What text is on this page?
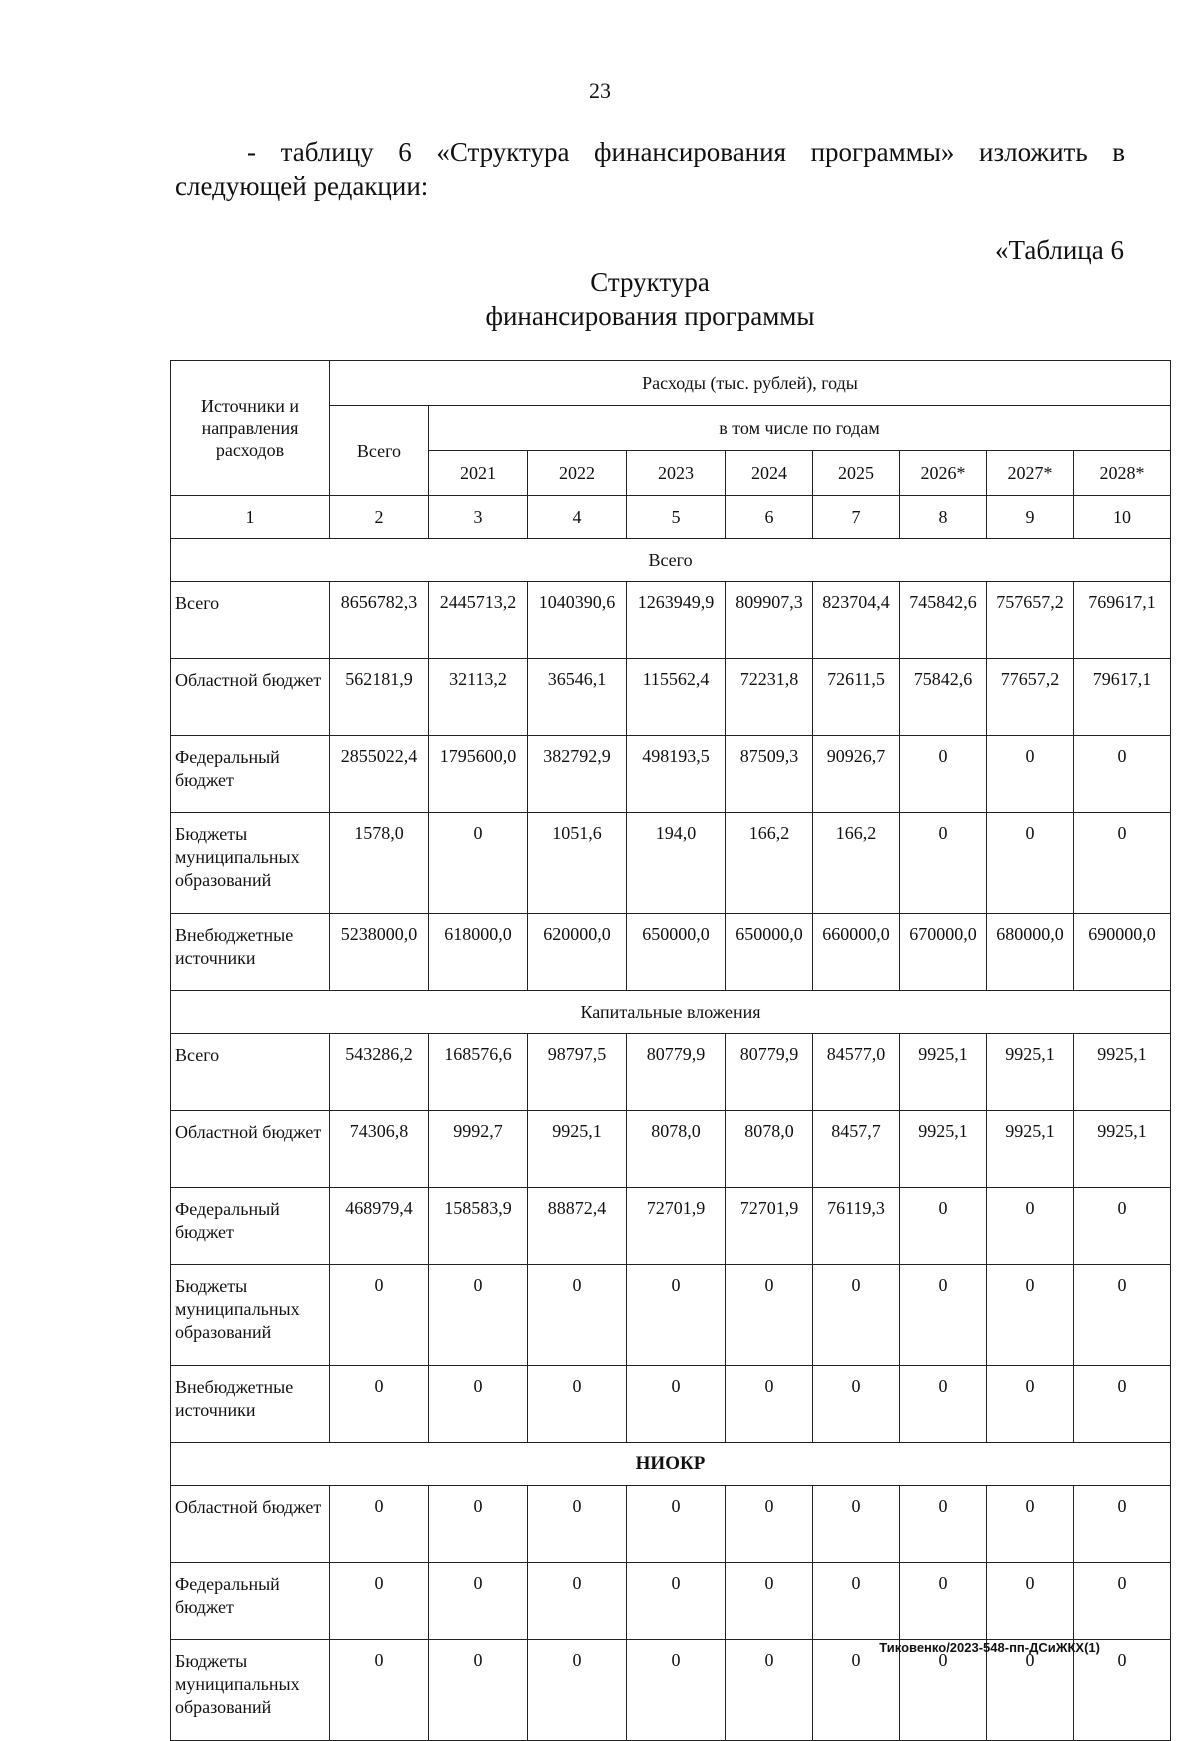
23

- таблицу 6 «Структура финансирования программы» изложить в следующей редакции:

«Таблица 6
Структура
финансирования программы
Источники и направления расходов	Расходы (тыс. рублей), годы								
	Всего	в том числе по годам							
		2021	2022	2023	2024	2025	2026*	2027*	2028*
1	2	3	4	5	6	7	8	9	10
Всего									
Всего	8656782,3	2445713,2	1040390,6	1263949,9	809907,3	823704,4	745842,6	757657,2	769617,1
Областной бюджет	562181,9	32113,2	36546,1	115562,4	72231,8	72611,5	75842,6	77657,2	79617,1
Федеральный бюджет	2855022,4	1795600,0	382792,9	498193,5	87509,3	90926,7	0	0	0
Бюджеты муниципальных образований	1578,0	0	1051,6	194,0	166,2	166,2	0	0	0
Внебюджетные источники	5238000,0	618000,0	620000,0	650000,0	650000,0	660000,0	670000,0	680000,0	690000,0
Капитальные вложения									
Всего	543286,2	168576,6	98797,5	80779,9	80779,9	84577,0	9925,1	9925,1	9925,1
Областной бюджет	74306,8	9992,7	9925,1	8078,0	8078,0	8457,7	9925,1	9925,1	9925,1
Федеральный бюджет	468979,4	158583,9	88872,4	72701,9	72701,9	76119,3	0	0	0
Бюджеты муниципальных образований	0	0	0	0	0	0	0	0	0
Внебюджетные источники	0	0	0	0	0	0	0	0	0
НИОКР									
Областной бюджет	0	0	0	0	0	0	0	0	0
Федеральный бюджет	0	0	0	0	0	0	0	0	0
Бюджеты муниципальных образований	0	0	0	0	0	0	0	0	0
Тиковенко/2023-548-пп-ДСиЖКХ(1)
